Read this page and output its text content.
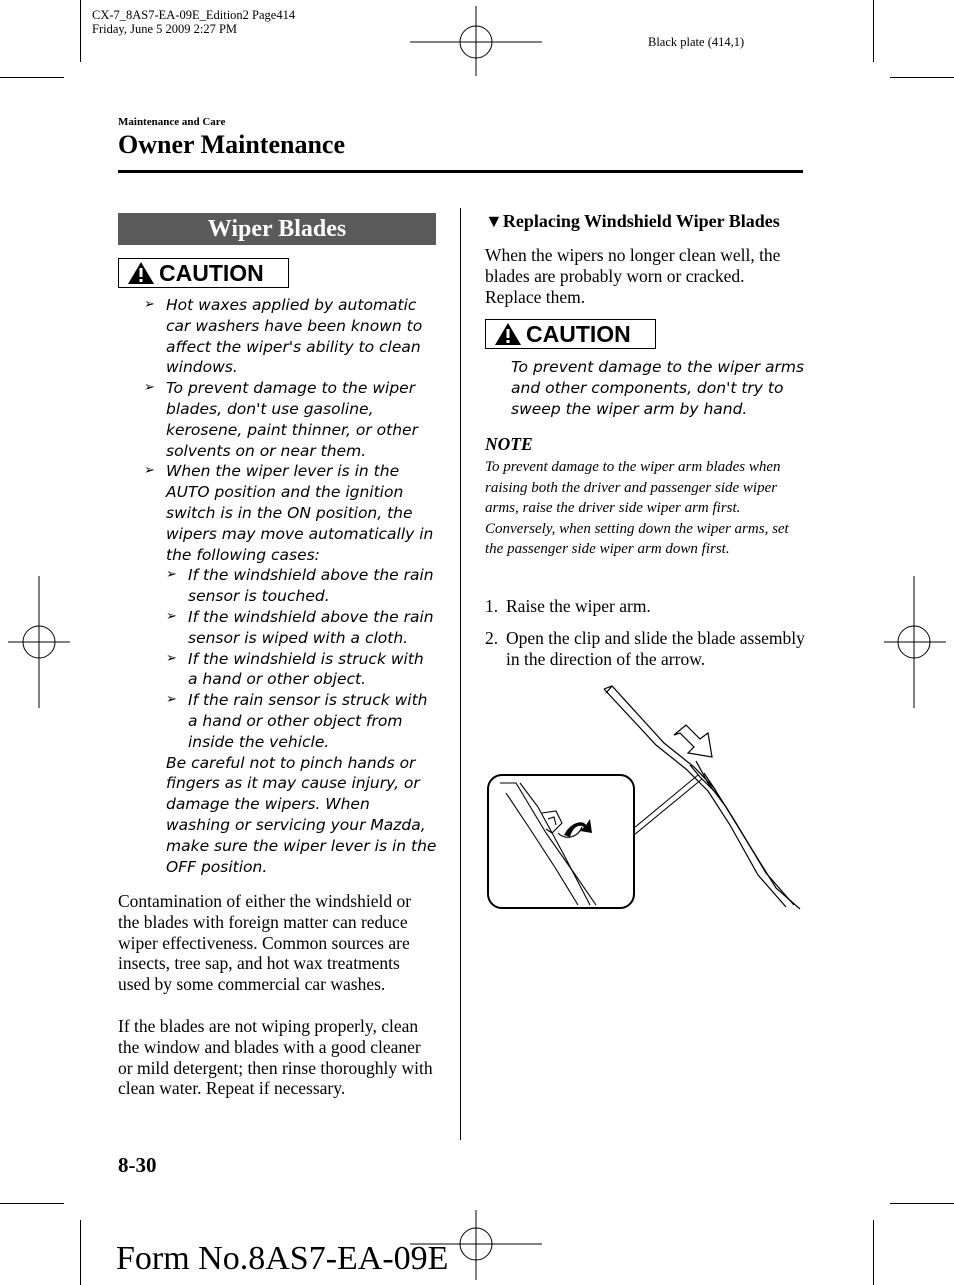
CX-7_8AS7-EA-09E_Edition2 Page414
Friday, June 5 2009 2:27 PM
Black plate (414,1)
Maintenance and Care
Owner Maintenance
Wiper Blades
CAUTION
➢ Hot waxes applied by automatic car washers have been known to affect the wiper's ability to clean windows.
➢ To prevent damage to the wiper blades, don't use gasoline, kerosene, paint thinner, or other solvents on or near them.
➢ When the wiper lever is in the AUTO position and the ignition switch is in the ON position, the wipers may move automatically in the following cases:
➢ If the windshield above the rain sensor is touched.
➢ If the windshield above the rain sensor is wiped with a cloth.
➢ If the windshield is struck with a hand or other object.
➢ If the rain sensor is struck with a hand or other object from inside the vehicle.
Be careful not to pinch hands or fingers as it may cause injury, or damage the wipers. When washing or servicing your Mazda, make sure the wiper lever is in the OFF position.
Contamination of either the windshield or the blades with foreign matter can reduce wiper effectiveness. Common sources are insects, tree sap, and hot wax treatments used by some commercial car washes.
If the blades are not wiping properly, clean the window and blades with a good cleaner or mild detergent; then rinse thoroughly with clean water. Repeat if necessary.
▼Replacing Windshield Wiper Blades
When the wipers no longer clean well, the blades are probably worn or cracked. Replace them.
CAUTION
To prevent damage to the wiper arms and other components, don't try to sweep the wiper arm by hand.
NOTE
To prevent damage to the wiper arm blades when raising both the driver and passenger side wiper arms, raise the driver side wiper arm first. Conversely, when setting down the wiper arms, set the passenger side wiper arm down first.
1. Raise the wiper arm.
2. Open the clip and slide the blade assembly in the direction of the arrow.
8-30
Form No.8AS7-EA-09E
